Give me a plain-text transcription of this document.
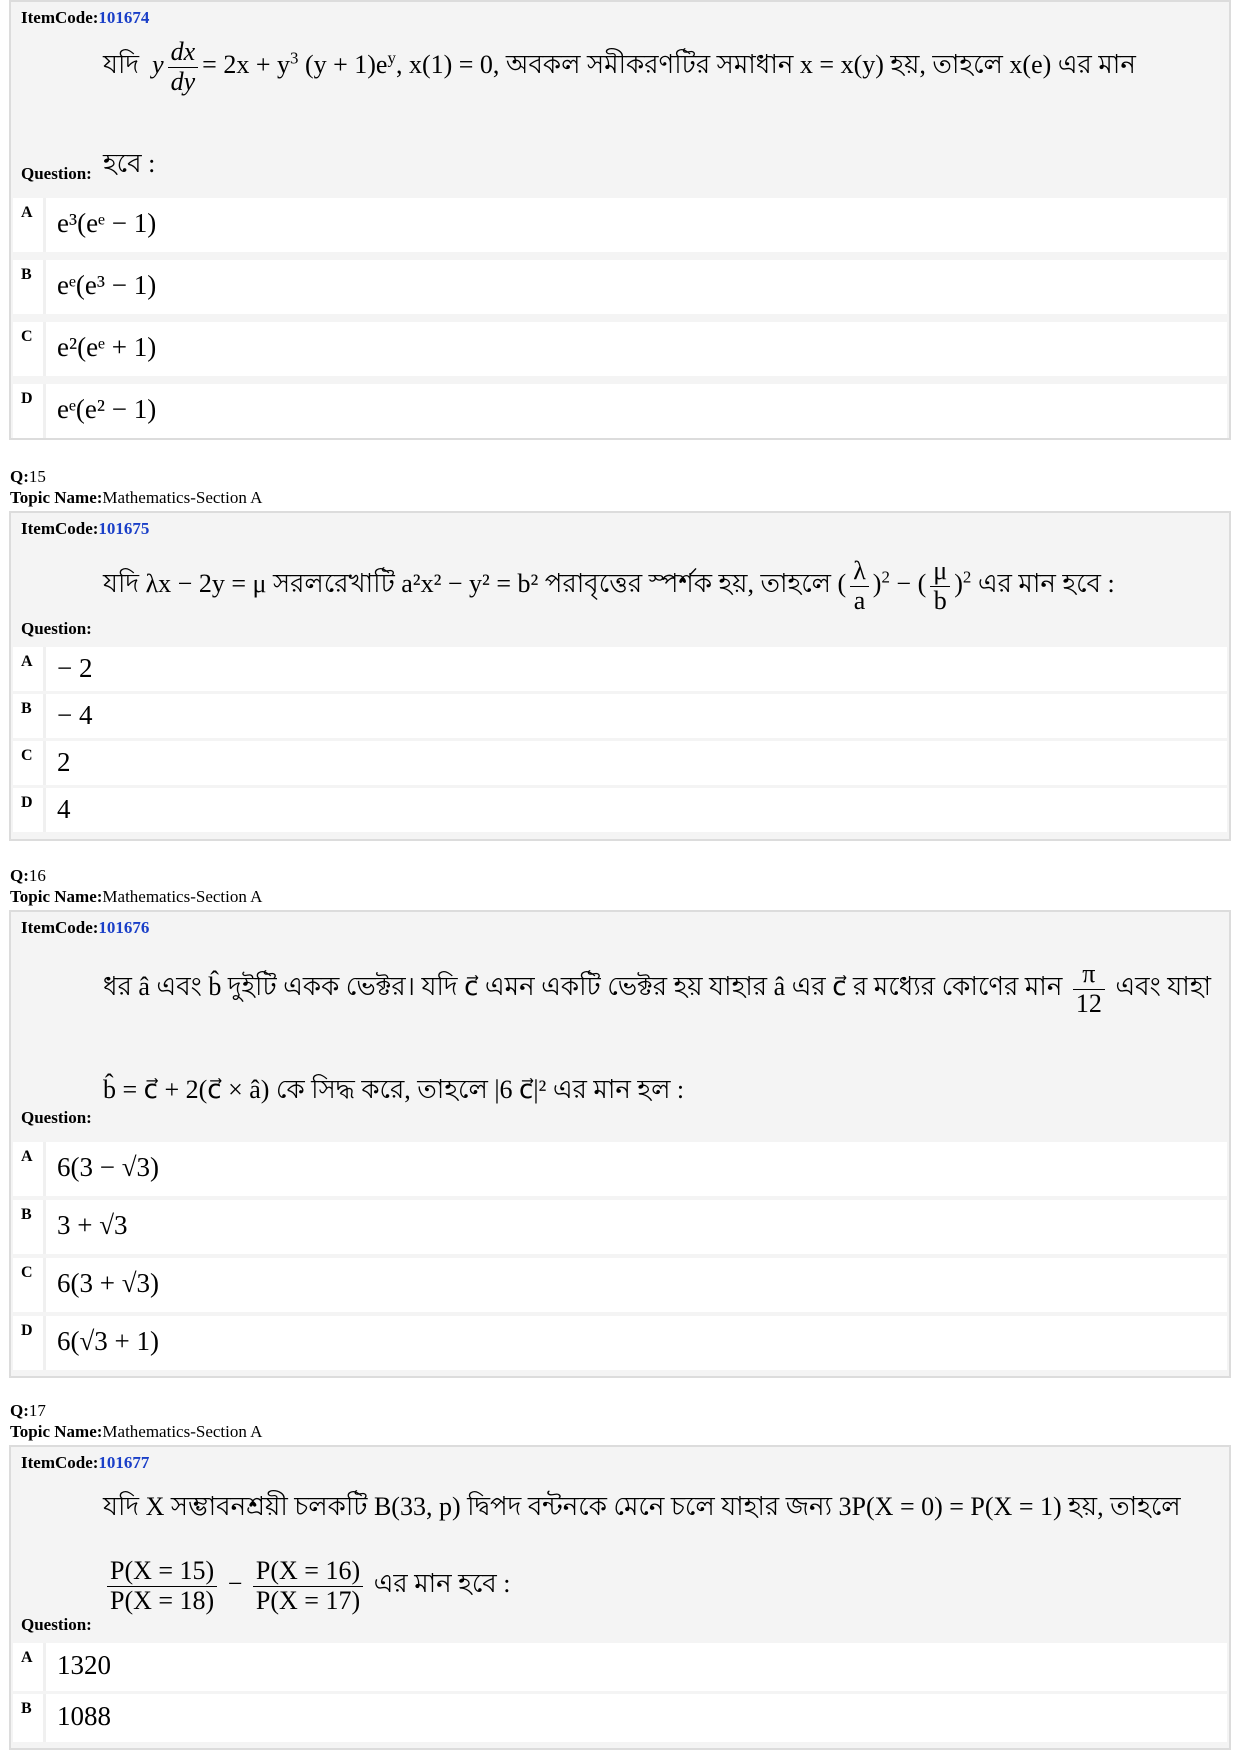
ItemCode:101674
যদি  y $\frac{dx}{dy} = 2x + y^3$ $(y + 1)e^y$, x(1) = 0, অবকল সমীকরণটির সমাধান x = x(y) হয়, তাহলে x(e) এর মান
Question: হবে :
A e³(eᵉ − 1)
B eᵉ(e³ − 1)
C e²(eᵉ + 1)
D eᵉ(e² − 1)
Q:15
Topic Name:Mathematics-Section A
ItemCode:101675
যদি λx − 2y = μ সরলরেখাটি a²x² − y² = b² পরাবৃত্তের স্পর্শক হয়, তাহলে ( $\frac{\lambda}{a} )^2$ − ( $\frac{\mu}{b} )^2$ এর মান হবে :
Question:
A − 2
B − 4
C 2
D 4
Q:16
Topic Name:Mathematics-Section A
ItemCode:101676
ধর â এবং b̂ দুইটি একক ভেক্টর। যদি c⃗ এমন একটি ভেক্টর হয় যাহার â এর c⃗ র মধ্যের কোণের মান $\frac{\pi}{12}$ এবং যাহা
b̂ = c⃗ + 2(c⃗ × â) কে সিদ্ধ করে, তাহলে |6 c⃗|² এর মান হল :
Question:
A 6(3 − √3)
B 3 + √3
C 6(3 + √3)
D 6(√3 + 1)
Q:17
Topic Name:Mathematics-Section A
ItemCode:101677
যদি X সম্ভাবনশ্রয়ী চলকটি B(33, p) দ্বিপদ বন্টনকে মেনে চলে যাহার জন্য 3P(X = 0) = P(X = 1) হয়, তাহলে
$\frac{P(X = 15)}{P(X = 18)} - \frac{P(X = 16)}{P(X = 17)}$ এর মান হবে :
Question:
A 1320
B 1088
